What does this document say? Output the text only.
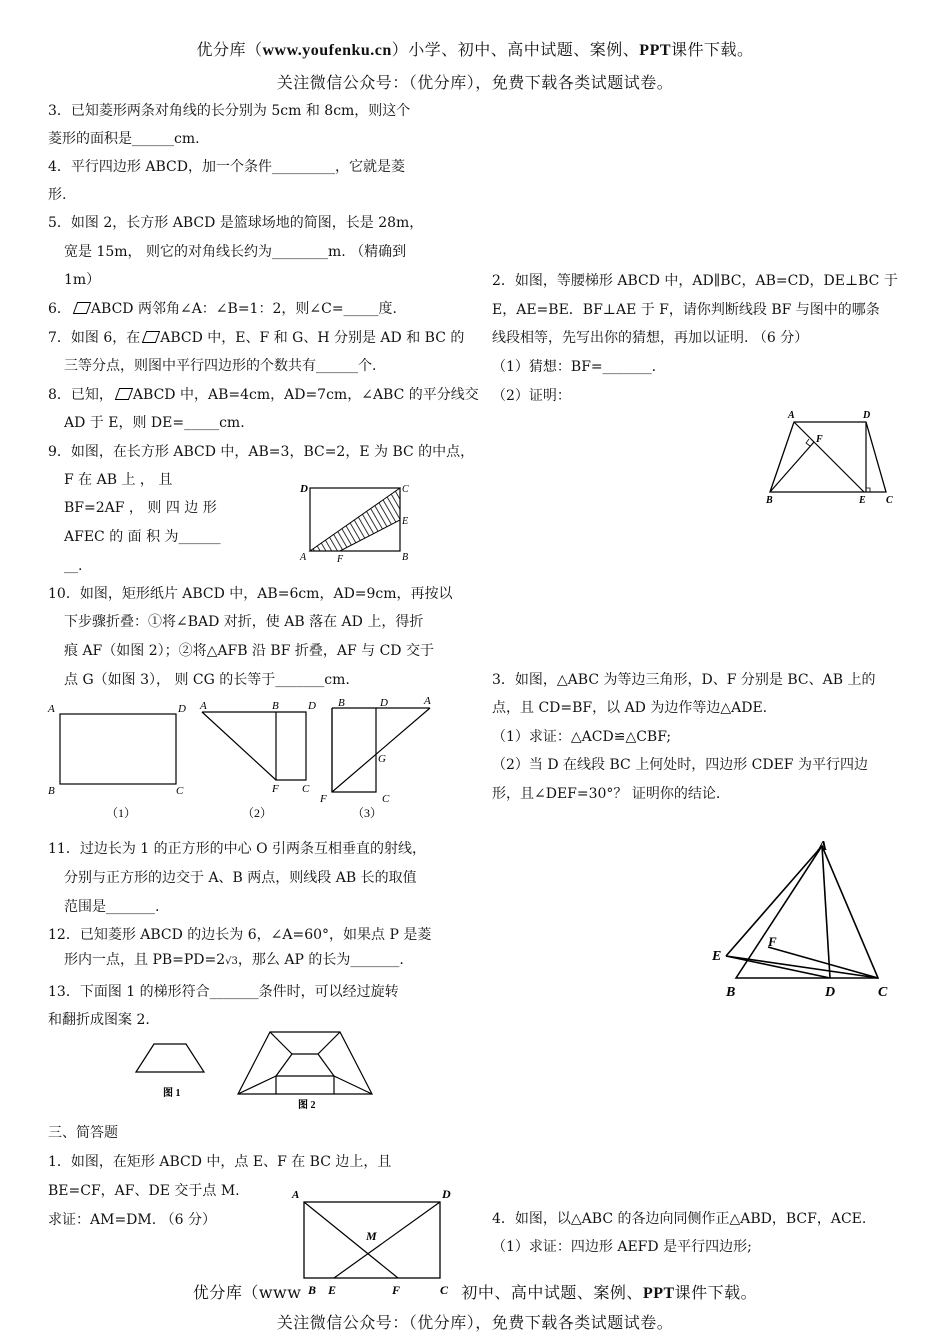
优分库（www.youfenku.cn）小学、初中、高中试题、案例、PPT课件下载。
关注微信公众号：（优分库），免费下载各类试题试卷。
3．已知菱形两条对角线的长分别为 5cm 和 8cm，则这个
菱形的面积是______cm.
4．平行四边形 ABCD，加一个条件_________，它就是菱
形.
5．如图 2，长方形 ABCD 是篮球场地的简图，长是 28m，
宽是 15m， 则它的对角线长约为________m. （精确到
1m）
6． ABCD 两邻角∠A：∠B=1：2，则∠C=_____度.
7．如图 6，在 ABCD 中，E、F 和 G、H 分别是 AD 和 BC 的
三等分点，则图中平行四边形的个数共有______个.
8．已知， ABCD 中，AB=4cm，AD=7cm，∠ABC 的平分线交
AD 于 E，则 DE=_____cm.
9．如图，在长方形 ABCD 中，AB=3，BC=2，E 为 BC 的中点，
F 在 AB 上 ， 且
BF=2AF ， 则 四 边 形
AFEC 的 面 积 为______
__.
D	C
E
A	F	B
10．如图，矩形纸片 ABCD 中，AB=6cm，AD=9cm，再按以
下步骤折叠：①将∠BAD 对折，使 AB 落在 AD 上，得折
痕 AF（如图 2）；②将△AFB 沿 BF 折叠，AF 与 CD 交于
点 G（如图 3）， 则 CG 的长等于_______cm.
A	D
B	C
（1）
A	B	D
F C
（2）
B	D	A
G
F	C
（3）
11．过边长为 1 的正方形的中心 O 引两条互相垂直的射线，
分别与正方形的边交于 A、B 两点，则线段 AB 长的取值
范围是_______.
12．已知菱形 ABCD 的边长为 6，∠A=60°，如果点 P 是菱
形内一点，且 PB=PD=2√3，那么 AP 的长为_______.
13．下面图 1 的梯形符合_______条件时，可以经过旋转
和翻折成图案 2.
图 1
图 2
三、简答题
1．如图，在矩形 ABCD 中，点 E、F 在 BC 边上，且
BE=CF，AF、DE 交于点 M.
求证：AM=DM. （6 分）
A	D
M
2．如图，等腰梯形 ABCD 中，AD∥BC，AB=CD，DE⊥BC 于
E，AE=BE．BF⊥AE 于 F，请你判断线段 BF 与图中的哪条
线段相等，先写出你的猜想，再加以证明. （6 分）
（1）猜想：BF=_______.
（2）证明：
A	D
F
B	E C
3．如图，△ABC 为等边三角形，D、F 分别是 BC、AB 上的
点，且 CD=BF，以 AD 为边作等边△ADE.
（1）求证：△ACD≌△CBF;
（2）当 D 在线段 BC 上何处时，四边形 CDEF 为平行四边
形，且∠DEF=30°？ 证明你的结论.
A
F
E
B	D	C
4．如图，以△ABC 的各边向同侧作正△ABD，BCF，ACE.
（1）求证：四边形 AEFD 是平行四边形;
优分库（www	初中、高中试题、案例、PPT课件下载。
关注微信公众号：（优分库），免费下载各类试题试卷。
B E	F	C
